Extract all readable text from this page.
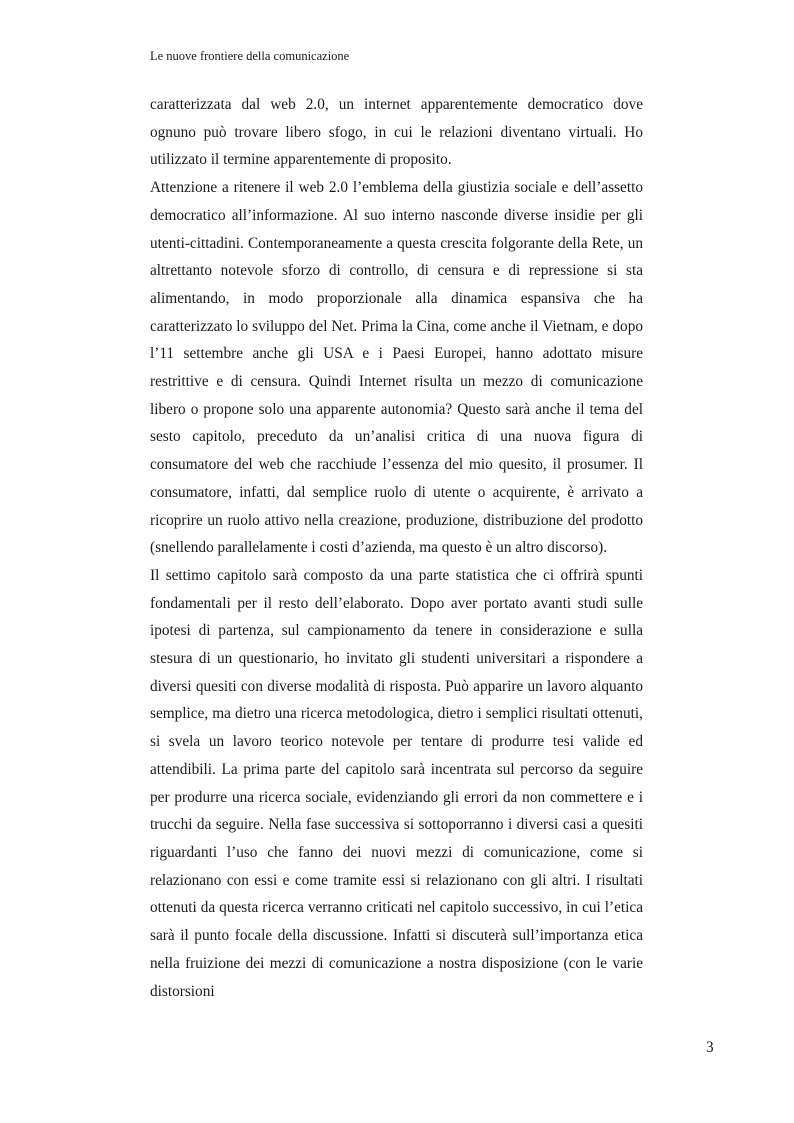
Le nuove frontiere della comunicazione

caratterizzata dal web 2.0, un internet apparentemente democratico dove ognuno può trovare libero sfogo, in cui le relazioni diventano virtuali. Ho utilizzato il termine apparentemente di proposito.

Attenzione a ritenere il web 2.0 l’emblema della giustizia sociale e dell’assetto democratico all’informazione. Al suo interno nasconde diverse insidie per gli utenti-cittadini. Contemporaneamente a questa crescita folgorante della Rete, un altrettanto notevole sforzo di controllo, di censura e di repressione si sta alimentando, in modo proporzionale alla dinamica espansiva che ha caratterizzato lo sviluppo del Net. Prima la Cina, come anche il Vietnam, e dopo l’11 settembre anche gli USA e i Paesi Europei, hanno adottato misure restrittive e di censura. Quindi Internet risulta un mezzo di comunicazione libero o propone solo una apparente autonomia? Questo sarà anche il tema del sesto capitolo, preceduto da un’analisi critica di una nuova figura di consumatore del web che racchiude l’essenza del mio quesito, il prosumer. Il consumatore, infatti, dal semplice ruolo di utente o acquirente, è arrivato a ricoprire un ruolo attivo nella creazione, produzione, distribuzione del prodotto (snellendo parallelamente i costi d’azienda, ma questo è un altro discorso).

Il settimo capitolo sarà composto da una parte statistica che ci offrirà spunti fondamentali per il resto dell’elaborato. Dopo aver portato avanti studi sulle ipotesi di partenza, sul campionamento da tenere in considerazione e sulla stesura di un questionario, ho invitato gli studenti universitari a rispondere a diversi quesiti con diverse modalità di risposta. Può apparire un lavoro alquanto semplice, ma dietro una ricerca metodologica, dietro i semplici risultati ottenuti, si svela un lavoro teorico notevole per tentare di produrre tesi valide ed attendibili. La prima parte del capitolo sarà incentrata sul percorso da seguire per produrre una ricerca sociale, evidenziando gli errori da non commettere e i trucchi da seguire. Nella fase successiva si sottoporranno i diversi casi a quesiti riguardanti l’uso che fanno dei nuovi mezzi di comunicazione, come si relazionano con essi e come tramite essi si relazionano con gli altri. I risultati ottenuti da questa ricerca verranno criticati nel capitolo successivo, in cui l’etica sarà il punto focale della discussione. Infatti si discuterà sull’importanza etica nella fruizione dei mezzi di comunicazione a nostra disposizione (con le varie distorsioni

3
